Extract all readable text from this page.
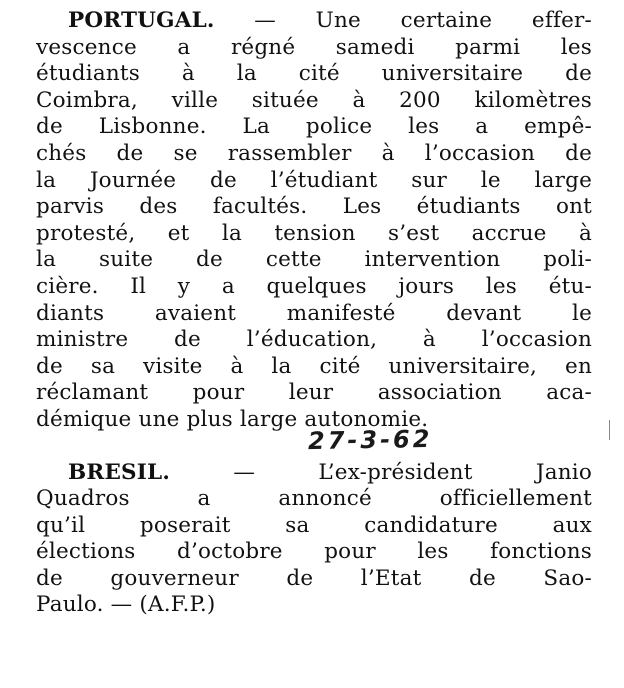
PORTUGAL. — Une certaine effer-
vescence a régné samedi parmi les
étudiants à la cité universitaire de
Coimbra, ville située à 200 kilomètres
de Lisbonne. La police les a empê-
chés de se rassembler à l’occasion de
la Journée de l’étudiant sur le large
parvis des facultés. Les étudiants ont
protesté, et la tension s’est accrue à
la suite de cette intervention poli-
cière. Il y a quelques jours les étu-
diants avaient manifesté devant le
ministre de l’éducation, à l’occasion
de sa visite à la cité universitaire, en
réclamant pour leur association aca-
démique une plus large autonomie.
BRESIL. — L’ex-président Janio
Quadros a annoncé officiellement
qu’il poserait sa candidature aux
élections d’octobre pour les fonctions
de gouverneur de l’Etat de Sao-
Paulo. — (A.F.P.)
27-3-62
